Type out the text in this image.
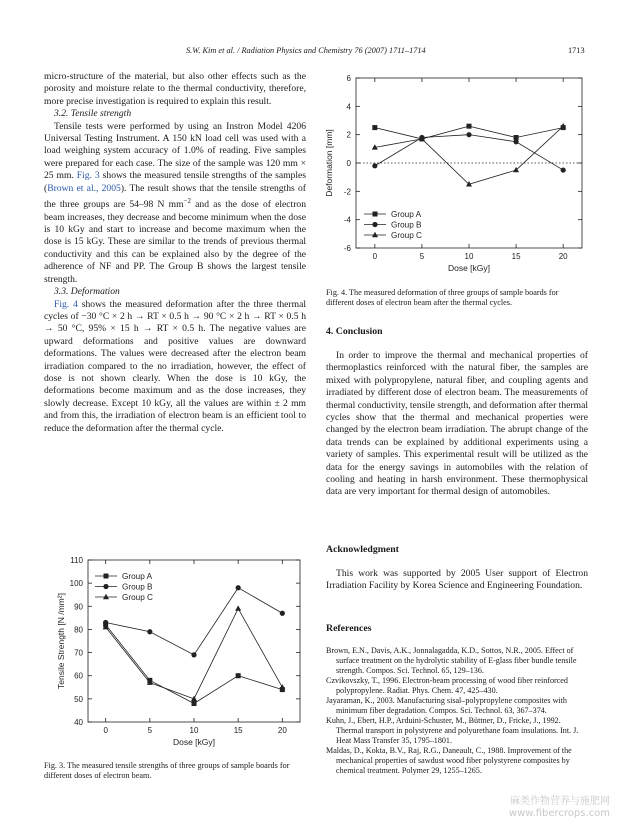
S.W. Kim et al. / Radiation Physics and Chemistry 76 (2007) 1711–1714	1713

micro-structure of the material, but also other effects such as the porosity and moisture relate to the thermal conductivity, therefore, more precise investigation is required to explain this result.

3.2. Tensile strength

Tensile tests were performed by using an Instron Model 4206 Universal Testing Instrument. A 150 kN load cell was used with a load weighing system accuracy of 1.0% of reading. Five samples were prepared for each case. The size of the sample was 120 mm × 25 mm. Fig. 3 shows the measured tensile strengths of the samples (Brown et al., 2005). The result shows that the tensile strengths of the three groups are 54–98 N $mm^{-2}$ and as the dose of electron beam increases, they decrease and become minimum when the dose is 10 kGy and start to increase and become maximum when the dose is 15 kGy. These are similar to the trends of previous thermal conductivity and this can be explained also by the degree of the adherence of NF and PP. The Group B shows the largest tensile strength.

3.3. Deformation

Fig. 4 shows the measured deformation after the three thermal cycles of −30 °C × 2 h → RT × 0.5 h → 90 °C × 2 h → RT × 0.5 h → 50 °C, 95% × 15 h → RT × 0.5 h. The negative values are upward deformations and positive values are downward deformations. The values were decreased after the electron beam irradiation compared to the no irradiation, however, the effect of dose is not shown clearly. When the dose is 10 kGy, the deformations become maximum and as the dose increases, they slowly decrease. Except 10 kGy, all the values are within ± 2 mm and from this, the irradiation of electron beam is an efficient tool to reduce the deformation after the thermal cycle.

40
50
60
70
80
90
100
110
0	5	10	15	20
Dose [kGy]
Tensile Strength [N /mm²]
Group A
Group B
Group C
Fig. 3. The measured tensile strengths of three groups of sample boards for different doses of electron beam.
-6
-4
-2
0
2
4
6
0	5	10	15	20
Dose [kGy]
Deformation [mm]
Group A
Group B
Group C
Fig. 4. The measured deformation of three groups of sample boards for different doses of electron beam after the thermal cycles.
4. Conclusion

In order to improve the thermal and mechanical properties of thermoplastics reinforced with the natural fiber, the samples are mixed with polypropylene, natural fiber, and coupling agents and irradiated by different dose of electron beam. The measurements of thermal conductivity, tensile strength, and deformation after thermal cycles show that the thermal and mechanical properties were changed by the electron beam irradiation. The abrupt change of the data trends can be explained by additional experiments using a variety of samples. This experimental result will be utilized as the data for the energy savings in automobiles with the relation of cooling and heating in harsh environment. These thermophysical data are very important for thermal design of automobiles.

Acknowledgment

This work was supported by 2005 User support of Electron Irradiation Facility by Korea Science and Engineering Foundation.

References

Brown, E.N., Davis, A.K., Jonnalagadda, K.D., Sottos, N.R., 2005. Effect of surface treatment on the hydrolytic stability of E-glass fiber bundle tensile strength. Compos. Sci. Technol. 65, 129–136.

Czvikovszky, T., 1996. Electron-beam processing of wood fiber reinforced polypropylene. Radiat. Phys. Chem. 47, 425–430.

Jayaraman, K., 2003. Manufacturing sisal–polypropylene composites with minimum fiber degradation. Compos. Sci. Technol. 63, 367–374.

Kuhn, J., Ebert, H.P., Arduini-Schuster, M., Büttner, D., Fricke, J., 1992. Thermal transport in polystyrene and polyurethane foam insulations. Int. J. Heat Mass Transfer 35, 1795–1801.

Maldas, D., Kokta, B.V., Raj, R.G., Daneault, C., 1988. Improvement of the mechanical properties of sawdust wood fiber polystyrene composites by chemical treatment. Polymer 29, 1255–1265.

麻类作物营养与施肥网
www.fibercrops.com
